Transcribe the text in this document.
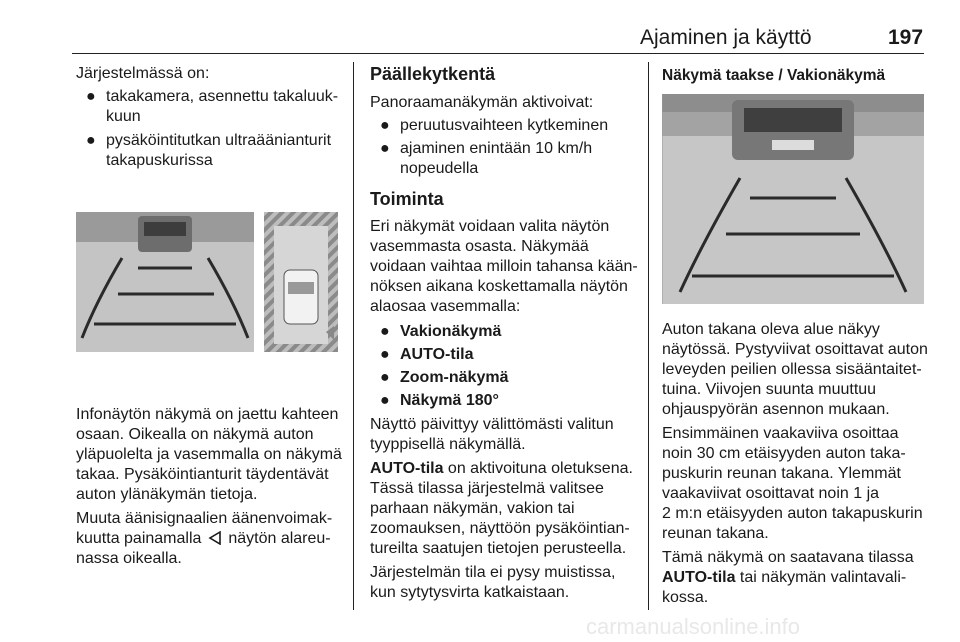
Ajaminen ja käyttö	197

Järjestelmässä on:

● takakamera, asennettu takaluuk-
kuun
● pysäköintitutkan ultraäänianturit
takapuskurissa

Infonäytön näkymä on jaettu kahteen
osaan. Oikealla on näkymä auton
yläpuolelta ja vasemmalla on näkymä
takaa. Pysäköintianturit täydentävät
auton ylänäkymän tietoja.

Muuta äänisignaalien äänenvoimak-
kuutta painamalla näytön alareu-
nassa oikealla.

Päällekytkentä

Panoraamanäkymän aktivoivat:

● peruutusvaihteen kytkeminen
● ajaminen enintään 10 km/h
nopeudella
Toiminta

Eri näkymät voidaan valita näytön
vasemmasta osasta. Näkymää
voidaan vaihtaa milloin tahansa kään-
nöksen aikana koskettamalla näytön
alaosaa vasemmalla:

● Vakionäkymä
● AUTO-tila
● Zoom-näkymä
● Näkymä 180°

Näyttö päivittyy välittömästi valitun
tyyppisellä näkymällä.

AUTO-tila on aktivoituna oletuksena.
Tässä tilassa järjestelmä valitsee
parhaan näkymän, vakion tai
zoomauksen, näyttöön pysäköintian-
tureilta saatujen tietojen perusteella.

Järjestelmän tila ei pysy muistissa,
kun sytytysvirta katkaistaan.

Näkymä taakse / Vakionäkymä

Auton takana oleva alue näkyy
näytössä. Pystyviivat osoittavat auton
leveyden peilien ollessa sisääntaitet-
tuina. Viivojen suunta muuttuu
ohjauspyörän asennon mukaan.

Ensimmäinen vaakaviiva osoittaa
noin 30 cm etäisyyden auton taka-
puskurin reunan takana. Ylemmät
vaakaviivat osoittavat noin 1 ja
2 m:n etäisyyden auton takapuskurin
reunan takana.

Tämä näkymä on saatavana tilassa
AUTO-tila tai näkymän valintavali-
kossa.

carmanualsonline.info
